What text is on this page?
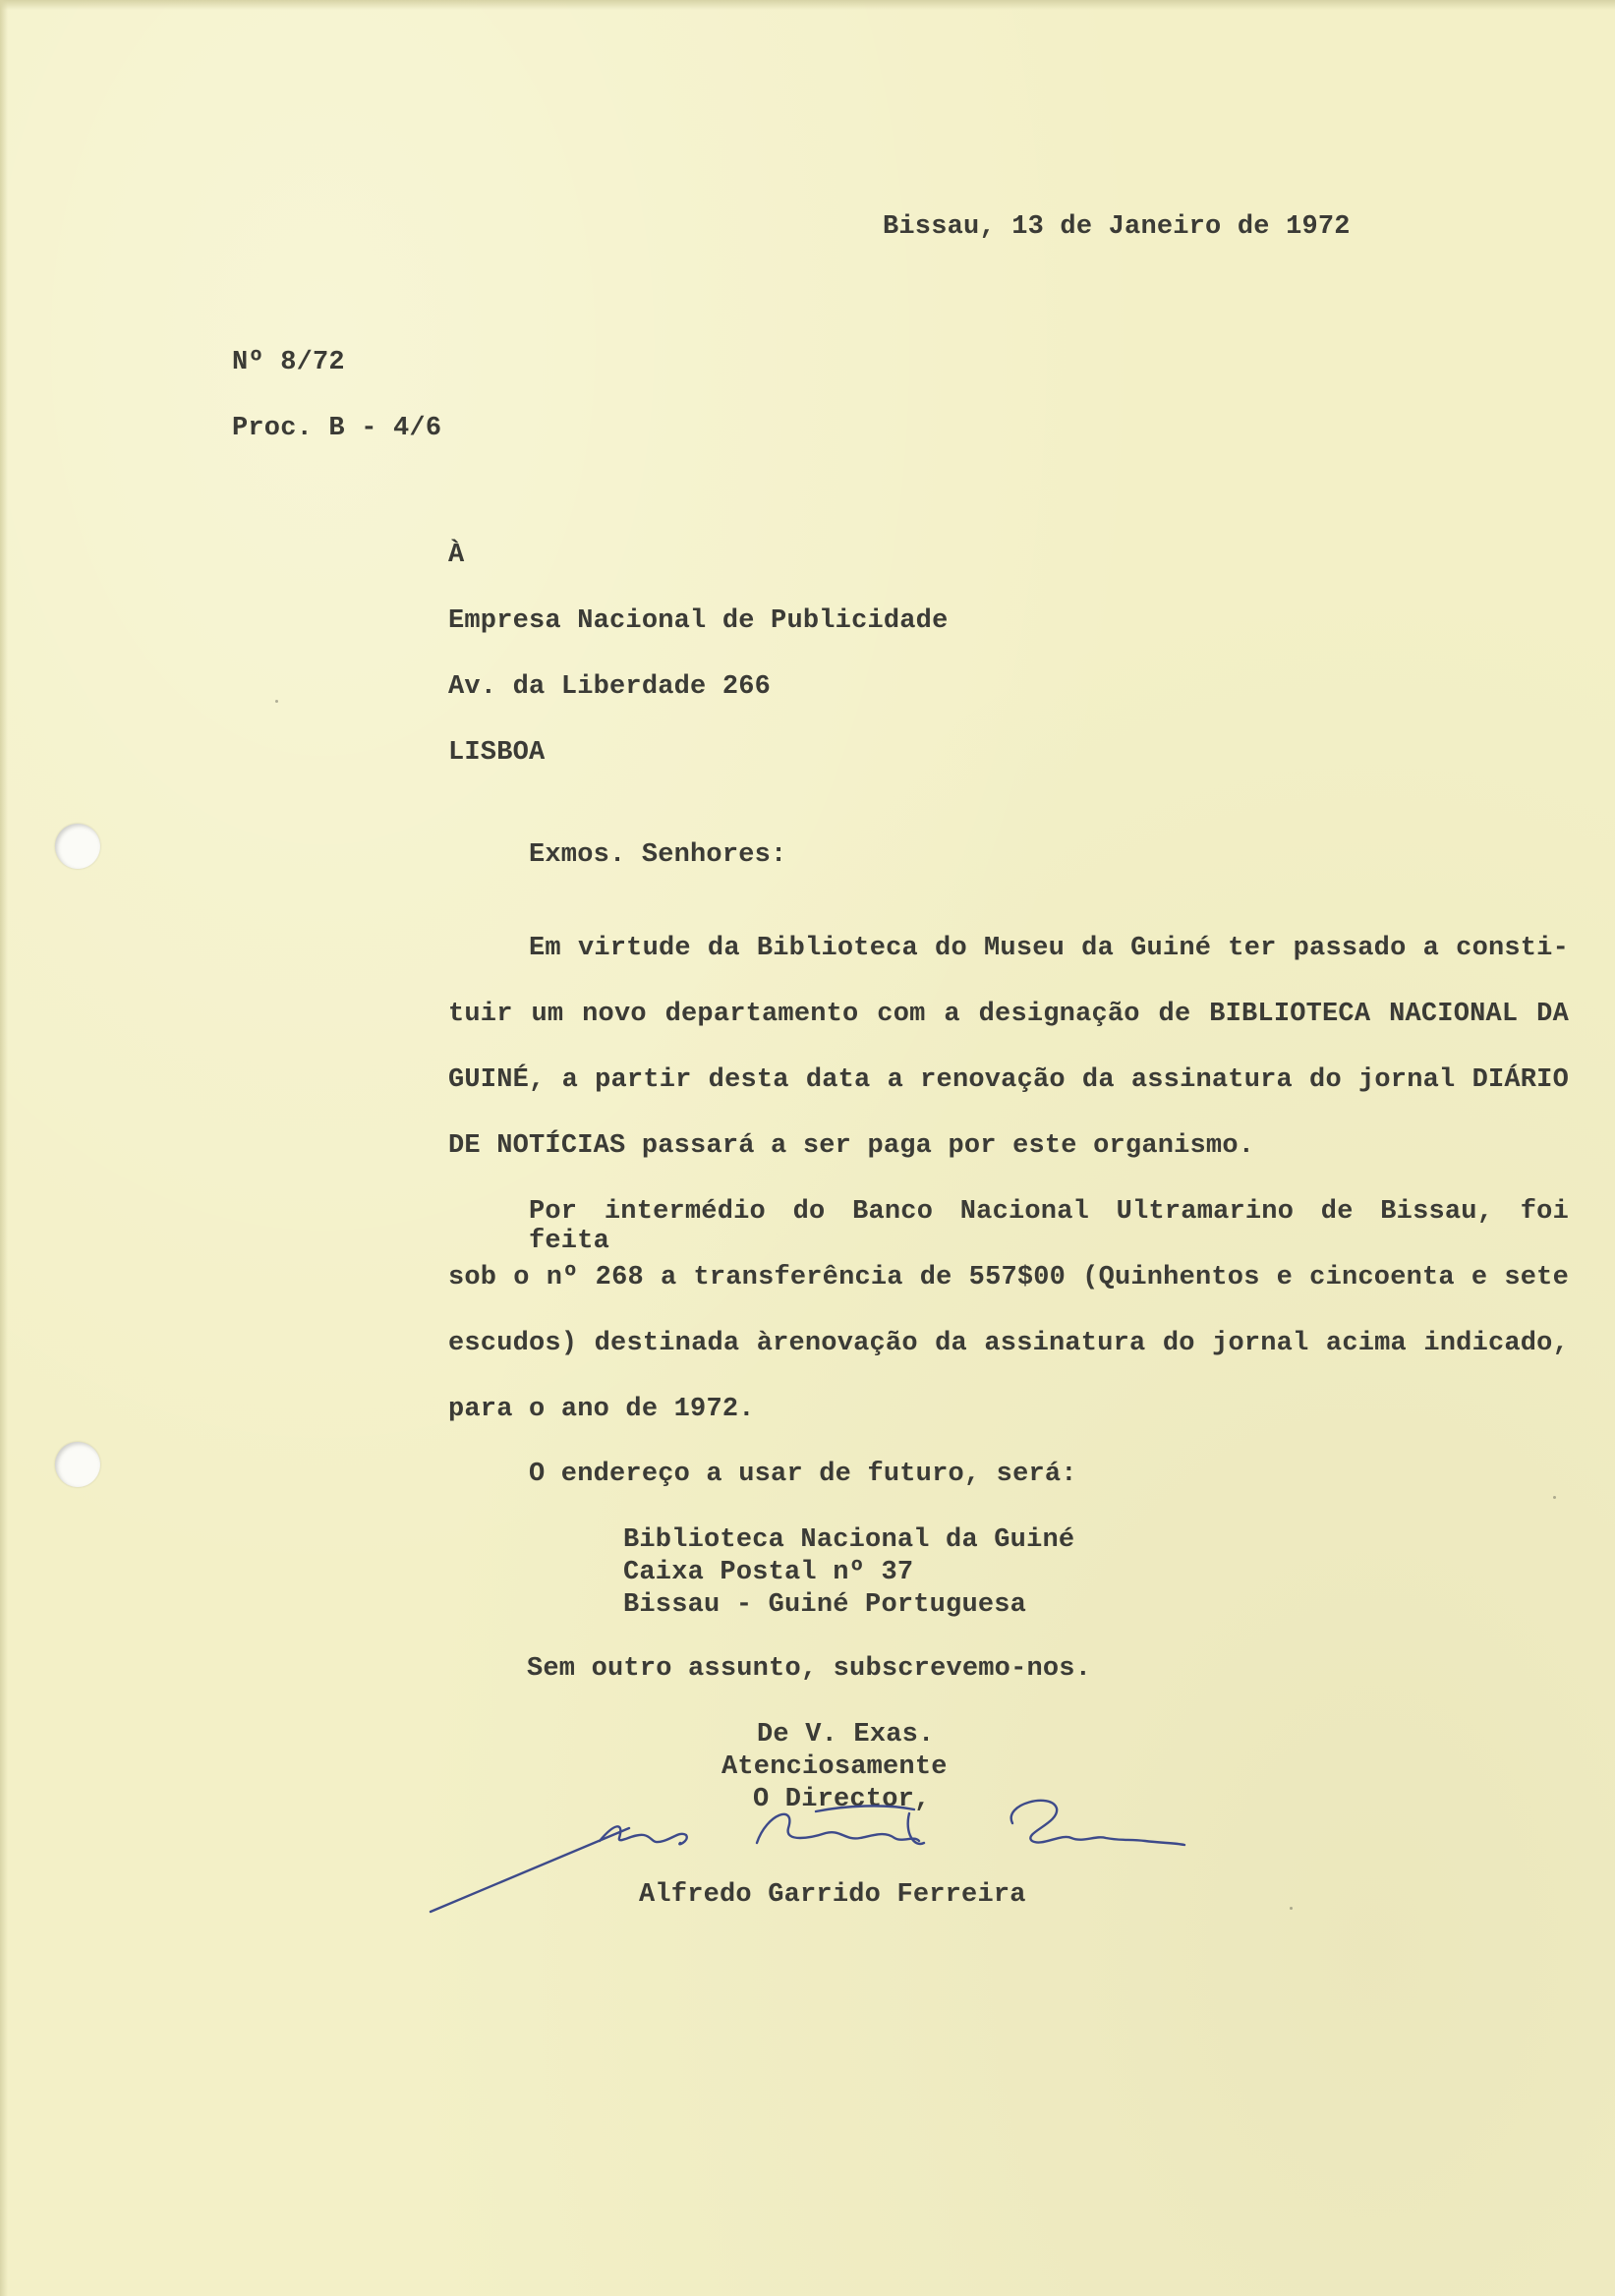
Bissau, 13 de Janeiro de 1972
Nº 8/72
Proc. B - 4/6
À
Empresa Nacional de Publicidade
Av. da Liberdade 266
LISBOA
Exmos. Senhores:
Em virtude da Biblioteca do Museu da Guiné ter passado a consti-
tuir um novo departamento com a designação de BIBLIOTECA NACIONAL DA
GUINÉ, a partir desta data a renovação da assinatura do jornal DIÁRIO
DE NOTÍCIAS passará a ser paga por este organismo.
Por intermédio do Banco Nacional Ultramarino de Bissau, foi feita
sob o nº 268 a transferência de 557$00 (Quinhentos e cincoenta e sete
escudos) destinada àrenovação da assinatura do jornal acima indicado,
para o ano de 1972.
O endereço a usar de futuro, será:
Biblioteca Nacional da Guiné
Caixa Postal nº 37
Bissau - Guiné Portuguesa
Sem outro assunto, subscrevemo-nos.
De V. Exas.
Atenciosamente
O Director,
Alfredo Garrido Ferreira
